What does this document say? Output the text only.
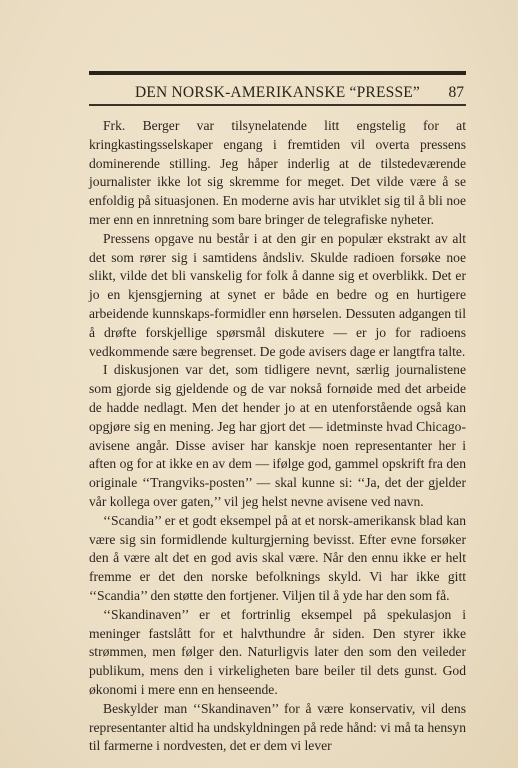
DEN NORSK-AMERIKANSKE “PRESSE” 87

Frk. Berger var tilsynelatende litt engstelig for at kringkastingsselskaper engang i fremtiden vil overta pressens dominerende stilling. Jeg håper inderlig at de tilstedeværende journalister ikke lot sig skremme for meget. Det vilde være å se enfoldig på situasjonen. En moderne avis har utviklet sig til å bli noe mer enn en innretning som bare bringer de telegrafiske nyheter.

Pressens opgave nu består i at den gir en populær ekstrakt av alt det som rører sig i samtidens åndsliv. Skulde radioen forsøke noe slikt, vilde det bli vanskelig for folk å danne sig et overblikk. Det er jo en kjensgjerning at synet er både en bedre og en hurtigere arbeidende kunnskaps-formidler enn hørselen. Dessuten adgangen til å drøfte forskjellige spørsmål diskutere — er jo for radioens vedkommende sære begrenset. De gode avisers dage er langtfra talte.

I diskusjonen var det, som tidligere nevnt, særlig journalistene som gjorde sig gjeldende og de var nokså fornøide med det arbeide de hadde nedlagt. Men det hender jo at en utenforstående også kan opgjøre sig en mening. Jeg har gjort det — idetminste hvad Chicago-avisene angår. Disse aviser har kanskje noen representanter her i aften og for at ikke en av dem — ifølge god, gammel opskrift fra den originale ‘‘Trangviks-posten’’ — skal kunne si: ‘‘Ja, det der gjelder vår kollega over gaten,’’ vil jeg helst nevne avisene ved navn.

‘‘Scandia’’ er et godt eksempel på at et norsk-amerikansk blad kan være sig sin formidlende kulturgjerning bevisst. Efter evne forsøker den å være alt det en god avis skal være. Når den ennu ikke er helt fremme er det den norske befolknings skyld. Vi har ikke gitt ‘‘Scandia’’ den støtte den fortjener. Viljen til å yde har den som få.

‘‘Skandinaven’’ er et fortrinlig eksempel på spekulasjon i meninger fastslått for et halvthundre år siden. Den styrer ikke strømmen, men følger den. Naturligvis later den som den veileder publikum, mens den i virkeligheten bare beiler til dets gunst. God økonomi i mere enn en henseende.

Beskylder man ‘‘Skandinaven’’ for å være konservativ, vil dens representanter altid ha undskyldningen på rede hånd: vi må ta hensyn til farmerne i nordvesten, det er dem vi lever
